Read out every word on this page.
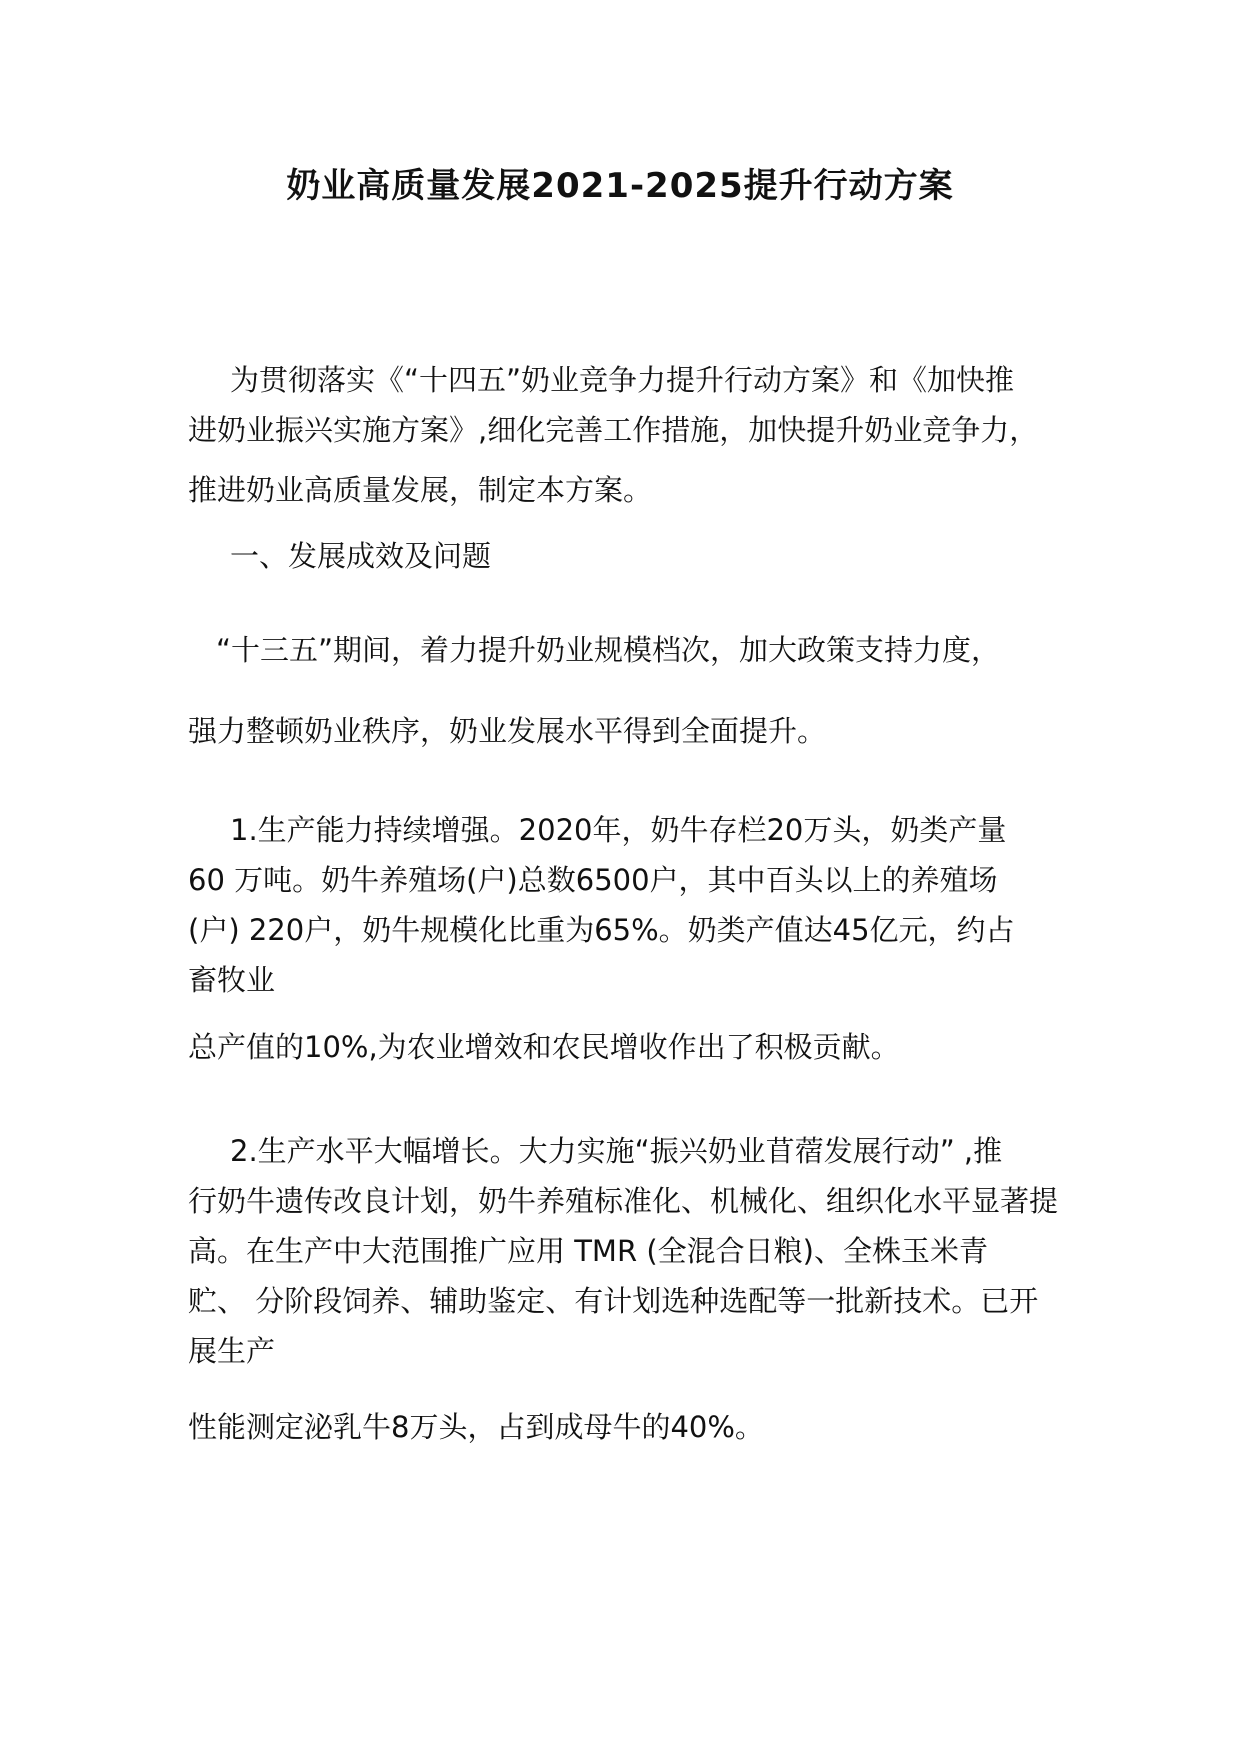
奶业高质量发展2021-2025提升行动方案

为贯彻落实《“十四五”奶业竞争力提升行动方案》和《加快推
进奶业振兴实施方案》,细化完善工作措施，加快提升奶业竞争力，
推进奶业高质量发展，制定本方案。

一、发展成效及问题

“十三五”期间，着力提升奶业规模档次，加大政策支持力度，
强力整顿奶业秩序，奶业发展水平得到全面提升。

1.生产能力持续增强。2020年，奶牛存栏20万头，奶类产量
60 万吨。奶牛养殖场(户)总数6500户，其中百头以上的养殖场
(户) 220户，奶牛规模化比重为65%。奶类产值达45亿元，约占
畜牧业

总产值的10%,为农业增效和农民增收作出了积极贡献。

2.生产水平大幅增长。大力实施“振兴奶业苜蓿发展行动” ,推
行奶牛遗传改良计划，奶牛养殖标准化、机械化、组织化水平显著提
高。在生产中大范围推广应用 TMR (全混合日粮)、全株玉米青
贮、 分阶段饲养、辅助鉴定、有计划选种选配等一批新技术。已开
展生产

性能测定泌乳牛8万头，占到成母牛的40%。
